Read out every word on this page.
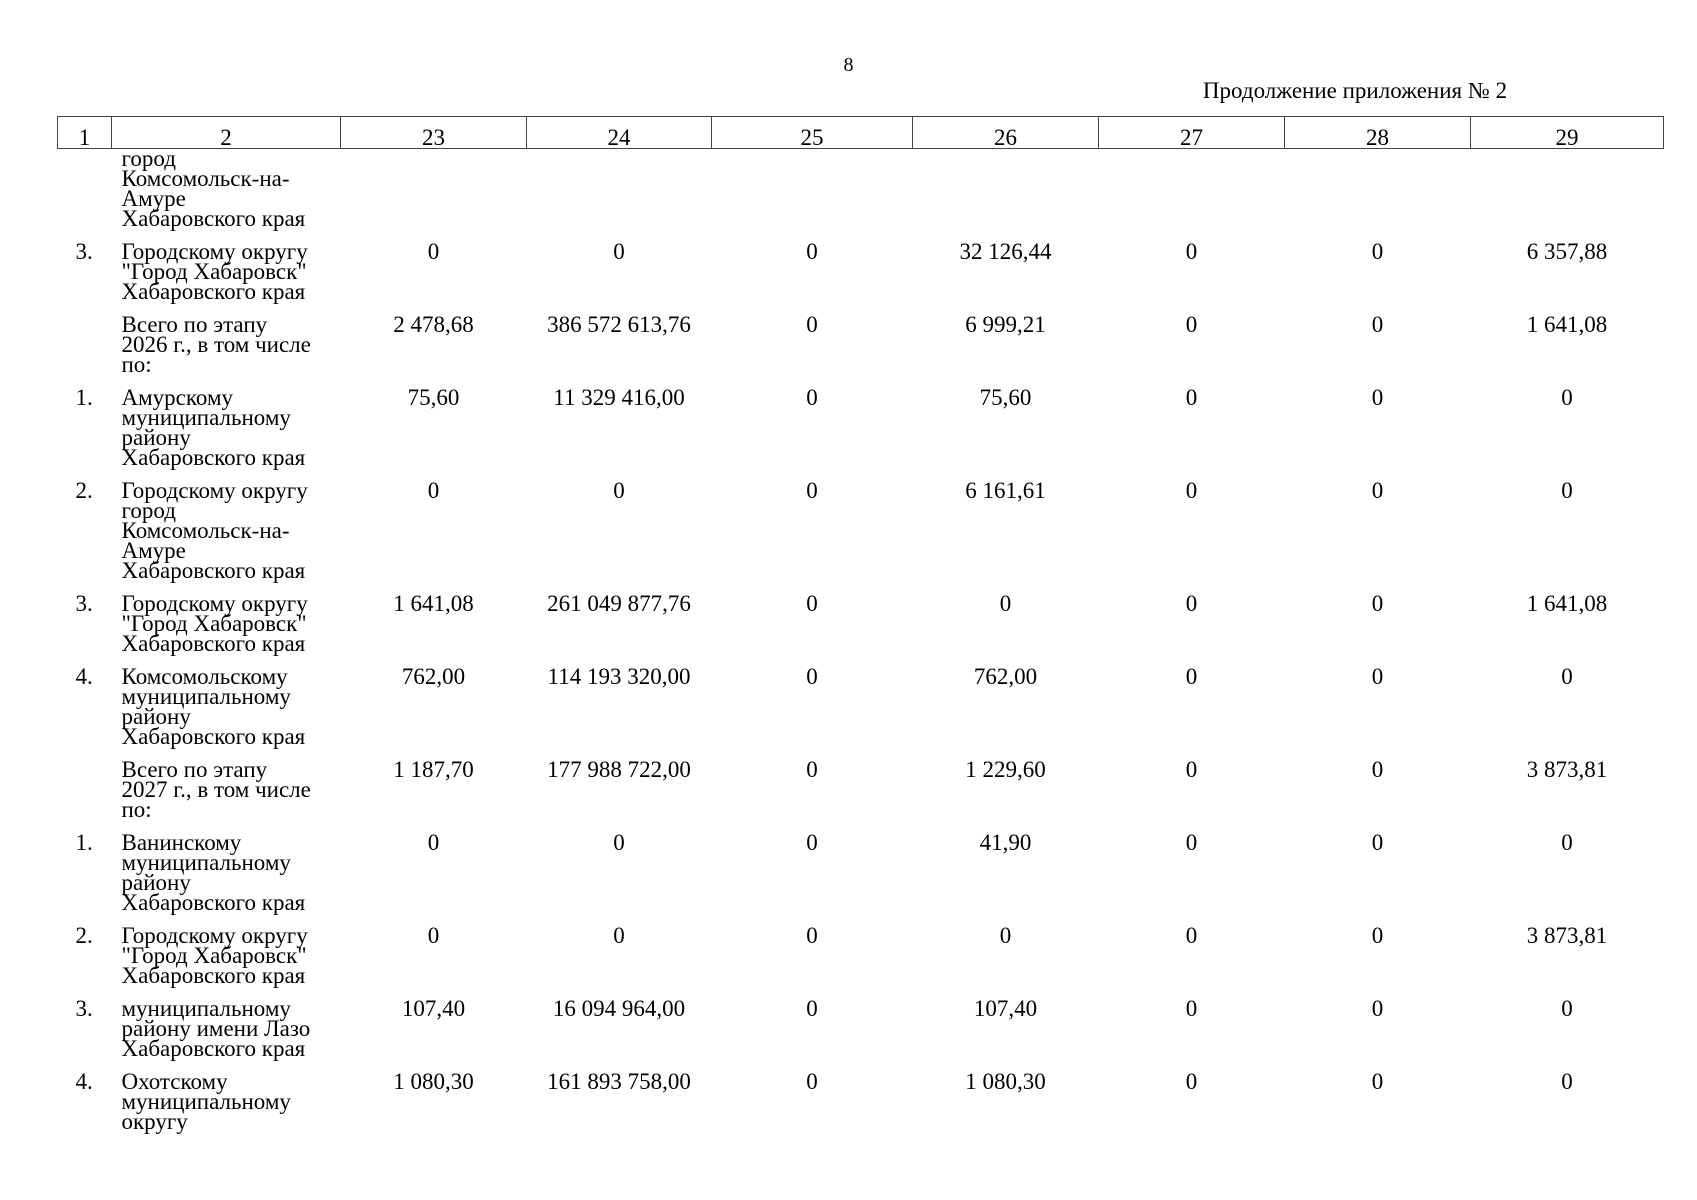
8
Продолжение приложения № 2
1	2	23	24	25	26	27	28	29
	город
Комсомольск-на-
Амуре
Хабаровского края							

3.	Городскому округу
"Город Хабаровск"
Хабаровского края	0	0	0	32 126,44	0	0	6 357,88

	Всего по этапу
2026 г., в том числе
по:	2 478,68	386 572 613,76	0	6 999,21	0	0	1 641,08

1.	Амурскому
муниципальному
району
Хабаровского края	75,60	11 329 416,00	0	75,60	0	0	0

2.	Городскому округу
город
Комсомольск-на-
Амуре
Хабаровского края	0	0	0	6 161,61	0	0	0

3.	Городскому округу
"Город Хабаровск"
Хабаровского края	1 641,08	261 049 877,76	0	0	0	0	1 641,08

4.	Комсомольскому
муниципальному
району
Хабаровского края	762,00	114 193 320,00	0	762,00	0	0	0

	Всего по этапу
2027 г., в том числе
по:	1 187,70	177 988 722,00	0	1 229,60	0	0	3 873,81

1.	Ванинскому
муниципальному
району
Хабаровского края	0	0	0	41,90	0	0	0

2.	Городскому округу
"Город Хабаровск"
Хабаровского края	0	0	0	0	0	0	3 873,81

3.	муниципальному
району имени Лазо
Хабаровского края	107,40	16 094 964,00	0	107,40	0	0	0

4.	Охотскому
муниципальному
округу	1 080,30	161 893 758,00	0	1 080,30	0	0	0
